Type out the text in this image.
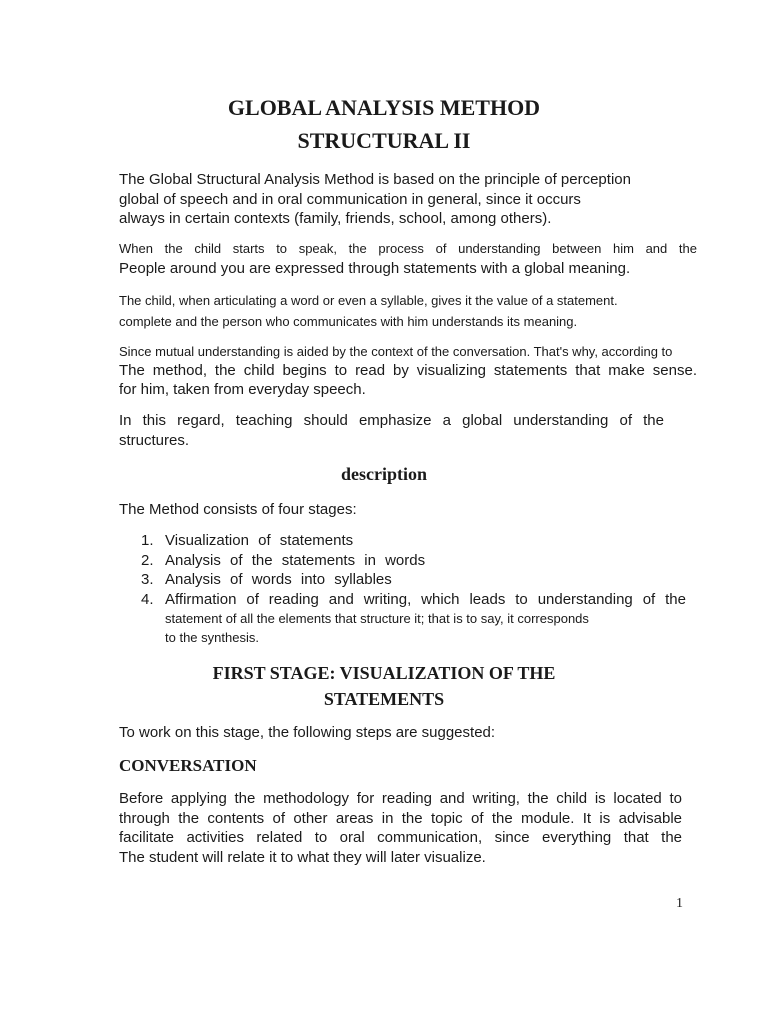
GLOBAL ANALYSIS METHOD
STRUCTURAL II

The Global Structural Analysis Method is based on the principle of perception
global of speech and in oral communication in general, since it occurs
always in certain contexts (family, friends, school, among others).

When the child starts to speak, the process of understanding between him and the
People around you are expressed through statements with a global meaning.

The child, when articulating a word or even a syllable, gives it the value of a statement.
complete and the person who communicates with him understands its meaning.

Since mutual understanding is aided by the context of the conversation. That's why, according to
The method, the child begins to read by visualizing statements that make sense.
for him, taken from everyday speech.

In this regard, teaching should emphasize a global understanding of the
structures.

description

The Method consists of four stages:

1. Visualization of statements
2. Analysis of the statements in words
3. Analysis of words into syllables
4. Affirmation of reading and writing, which leads to understanding of the
statement of all the elements that structure it; that is to say, it corresponds
to the synthesis.
FIRST STAGE: VISUALIZATION OF THE
STATEMENTS

To work on this stage, the following steps are suggested:

CONVERSATION

Before applying the methodology for reading and writing, the child is located to
through the contents of other areas in the topic of the module. It is advisable
facilitate activities related to oral communication, since everything that the
The student will relate it to what they will later visualize.

1
